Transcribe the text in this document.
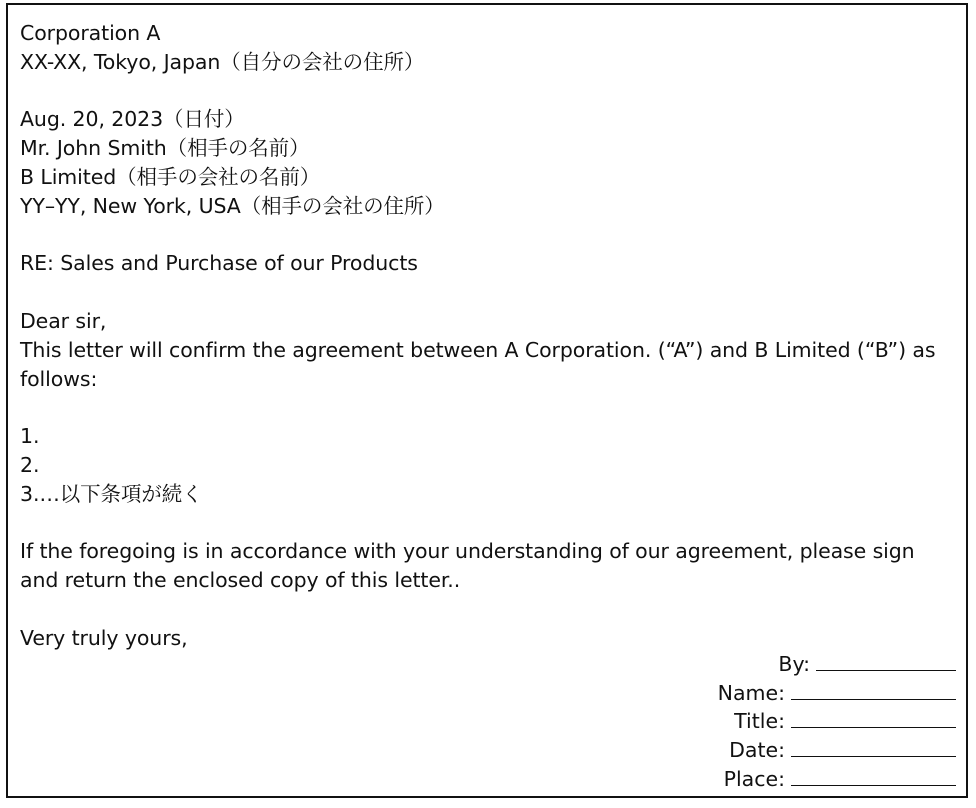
Corporation A
XX-XX, Tokyo, Japan（自分の会社の住所）
Aug. 20, 2023（日付）
Mr. John Smith（相手の名前）
B Limited（相手の会社の名前）
YY–YY, New York, USA（相手の会社の住所）
RE: Sales and Purchase of our Products
Dear sir,
This letter will confirm the agreement between A Corporation. (“A”) and B Limited (“B”) as follows:
1.
2.
3.…以下条項が続く
If the foregoing is in accordance with your understanding of our agreement, please sign and return the enclosed copy of this letter..
Very truly yours,
By:
Name:
Title:
Date:
Place:
